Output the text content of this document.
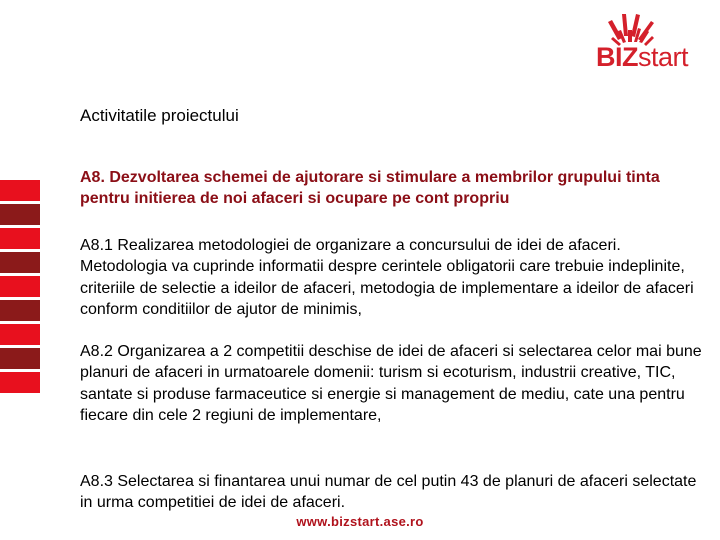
BIZstart
Activitatile proiectului
A8. Dezvoltarea schemei de ajutorare si stimulare a membrilor grupului tinta pentru initierea de noi afaceri si ocupare pe cont propriu
A8.1 Realizarea metodologiei de organizare a concursului de idei de afaceri. Metodologia va cuprinde informatii despre cerintele obligatorii care trebuie indeplinite, criteriile de selectie a ideilor de afaceri, metodogia de implementare a ideilor de afaceri conform conditiilor de ajutor de minimis,
A8.2 Organizarea a 2 competitii deschise de idei de afaceri si selectarea celor mai bune planuri de afaceri in urmatoarele domenii: turism si ecoturism, industrii creative, TIC, santate si produse farmaceutice si energie si management de mediu, cate una pentru fiecare din cele 2 regiuni de implementare,
A8.3 Selectarea si finantarea unui numar de cel putin 43 de planuri de afaceri selectate in urma competitiei de idei de afaceri.
www.bizstart.ase.ro
